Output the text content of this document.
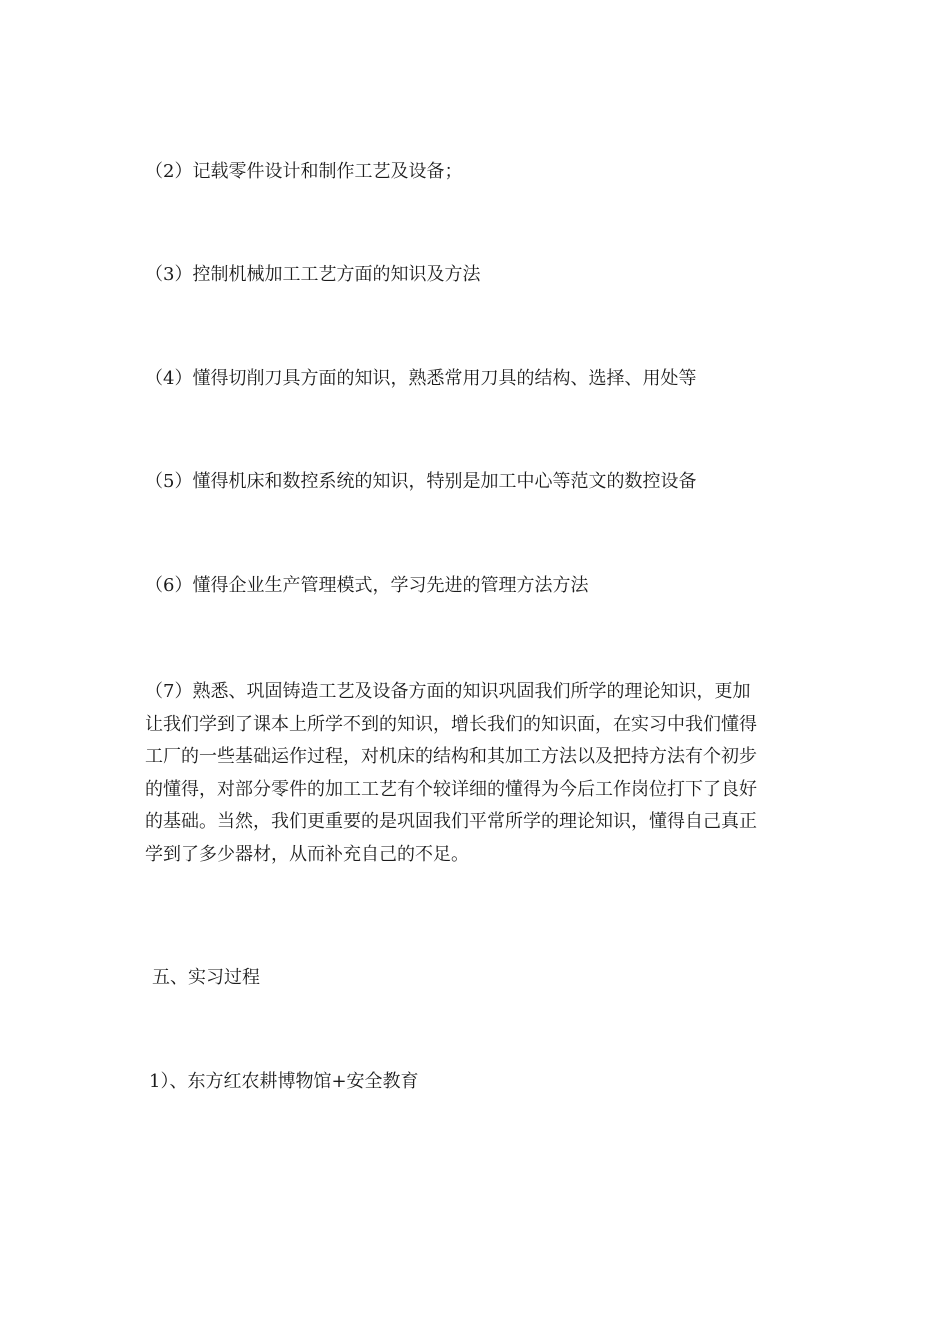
（2）记载零件设计和制作工艺及设备；
（3）控制机械加工工艺方面的知识及方法
（4）懂得切削刀具方面的知识，熟悉常用刀具的结构、选择、用处等
（5）懂得机床和数控系统的知识，特别是加工中心等范文的数控设备
（6）懂得企业生产管理模式，学习先进的管理方法方法
（7）熟悉、巩固铸造工艺及设备方面的知识巩固我们所学的理论知识，更加
让我们学到了课本上所学不到的知识，增长我们的知识面，在实习中我们懂得
工厂的一些基础运作过程，对机床的结构和其加工方法以及把持方法有个初步
的懂得，对部分零件的加工工艺有个较详细的懂得为今后工作岗位打下了良好
的基础。当然，我们更重要的是巩固我们平常所学的理论知识，懂得自己真正
学到了多少器材，从而补充自己的不足。
五、实习过程
1）、东方红农耕博物馆+安全教育
